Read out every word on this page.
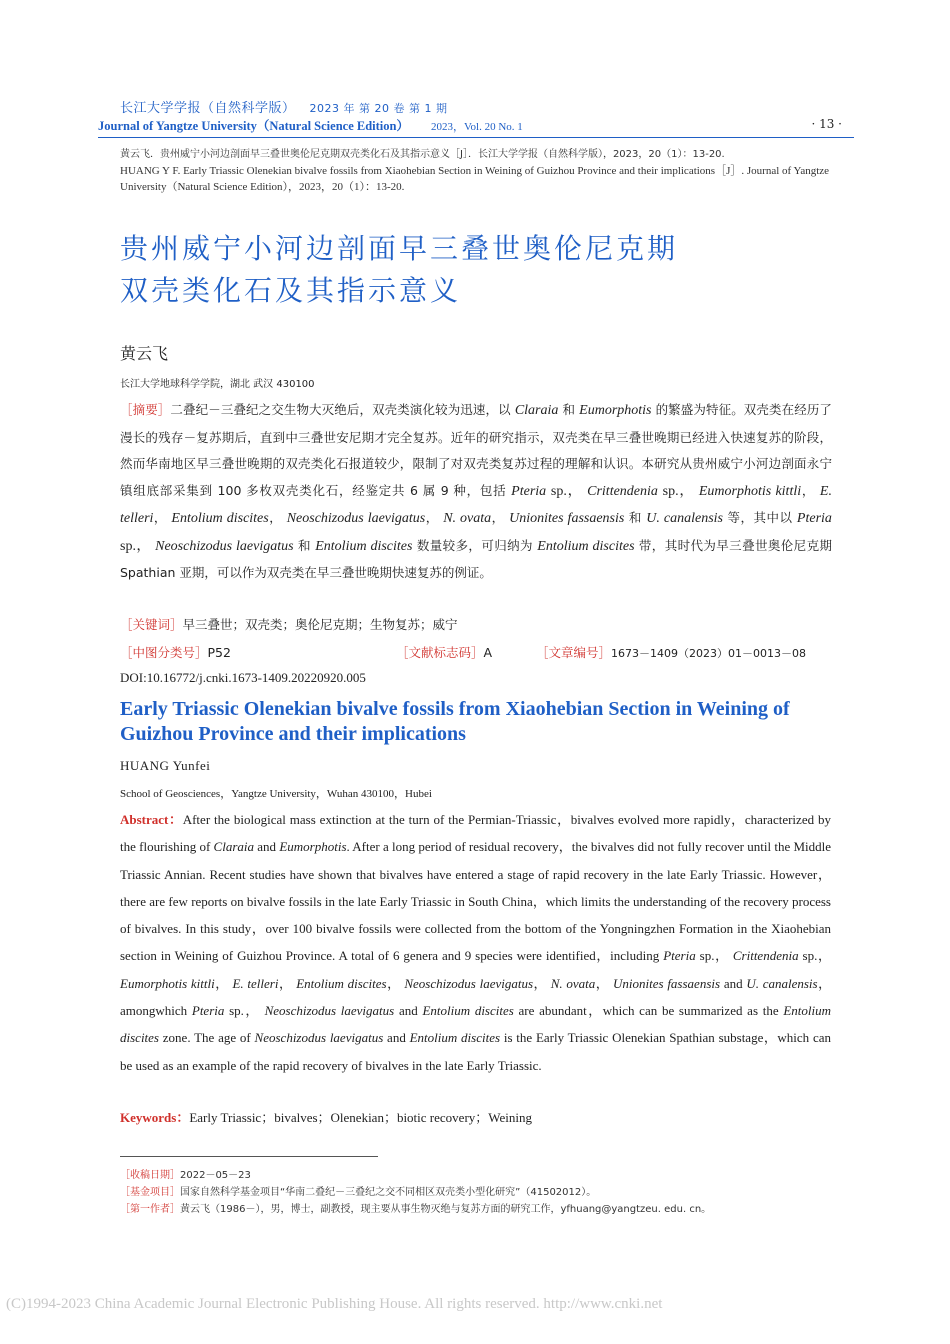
长江大学学报（自然科学版） 2023 年 第 20 卷 第 1 期
Journal of Yangtze University（Natural Science Edition） 2023，Vol. 20 No. 1	· 13 ·

黄云飞．贵州威宁小河边剖面早三叠世奥伦尼克期双壳类化石及其指示意义［J］．长江大学学报（自然科学版），2023，20（1）：13-20.

HUANG Y F. Early Triassic Olenekian bivalve fossils from Xiaohebian Section in Weining of Guizhou Province and their implications［J］. Journal of Yangtze University（Natural Science Edition），2023，20（1）：13-20.

贵州威宁小河边剖面早三叠世奥伦尼克期
双壳类化石及其指示意义
黄云飞
长江大学地球科学学院，湖北 武汉 430100
［摘要］二叠纪－三叠纪之交生物大灭绝后，双壳类演化较为迅速，以 Claraia 和 Eumorphotis 的繁盛为特征。双壳类在经历了漫长的残存－复苏期后，直到中三叠世安尼期才完全复苏。近年的研究指示，双壳类在早三叠世晚期已经进入快速复苏的阶段，然而华南地区早三叠世晚期的双壳类化石报道较少，限制了对双壳类复苏过程的理解和认识。本研究从贵州威宁小河边剖面永宁镇组底部采集到 100 多枚双壳类化石，经鉴定共 6 属 9 种，包括 Pteria sp.， Crittendenia sp.， Eumorphotis kittli， E. telleri， Entolium discites， Neoschizodus laevigatus， N. ovata， Unionites fassaensis 和 U. canalensis 等，其中以 Pteria sp.， Neoschizodus laevigatus 和 Entolium discites 数量较多，可归纳为 Entolium discites 带，其时代为早三叠世奥伦尼克期 Spathian 亚期，可以作为双壳类在早三叠世晚期快速复苏的例证。
［关键词］早三叠世；双壳类；奥伦尼克期；生物复苏；威宁
［中图分类号］P52	［文献标志码］A	［文章编号］1673－1409（2023）01－0013－08
DOI:10.16772/j.cnki.1673-1409.20220920.005
Early Triassic Olenekian bivalve fossils from Xiaohebian Section in Weining of Guizhou Province and their implications
HUANG Yunfei
School of Geosciences，Yangtze University，Wuhan 430100，Hubei
Abstract：After the biological mass extinction at the turn of the Permian-Triassic，bivalves evolved more rapidly，characterized by the flourishing of Claraia and Eumorphotis. After a long period of residual recovery，the bivalves did not fully recover until the Middle Triassic Annian. Recent studies have shown that bivalves have entered a stage of rapid recovery in the late Early Triassic. However，there are few reports on bivalve fossils in the late Early Triassic in South China，which limits the understanding of the recovery process of bivalves. In this study，over 100 bivalve fossils were collected from the bottom of the Yongningzhen Formation in the Xiaohebian section in Weining of Guizhou Province. A total of 6 genera and 9 species were identified，including Pteria sp.， Crittendenia sp.， Eumorphotis kittli， E. telleri， Entolium discites， Neoschizodus laevigatus， N. ovata， Unionites fassaensis and U. canalensis，amongwhich Pteria sp.， Neoschizodus laevigatus and Entolium discites are abundant，which can be summarized as the Entolium discites zone. The age of Neoschizodus laevigatus and Entolium discites is the Early Triassic Olenekian Spathian substage，which can be used as an example of the rapid recovery of bivalves in the late Early Triassic.
Keywords：Early Triassic；bivalves；Olenekian；biotic recovery；Weining

［收稿日期］2022－05－23

［基金项目］国家自然科学基金项目“华南二叠纪－三叠纪之交不同相区双壳类小型化研究”（41502012）。

［第一作者］黄云飞（1986－），男，博士，副教授，现主要从事生物灭绝与复苏方面的研究工作，yfhuang@yangtzeu. edu. cn。

(C)1994-2023 China Academic Journal Electronic Publishing House. All rights reserved. http://www.cnki.net
